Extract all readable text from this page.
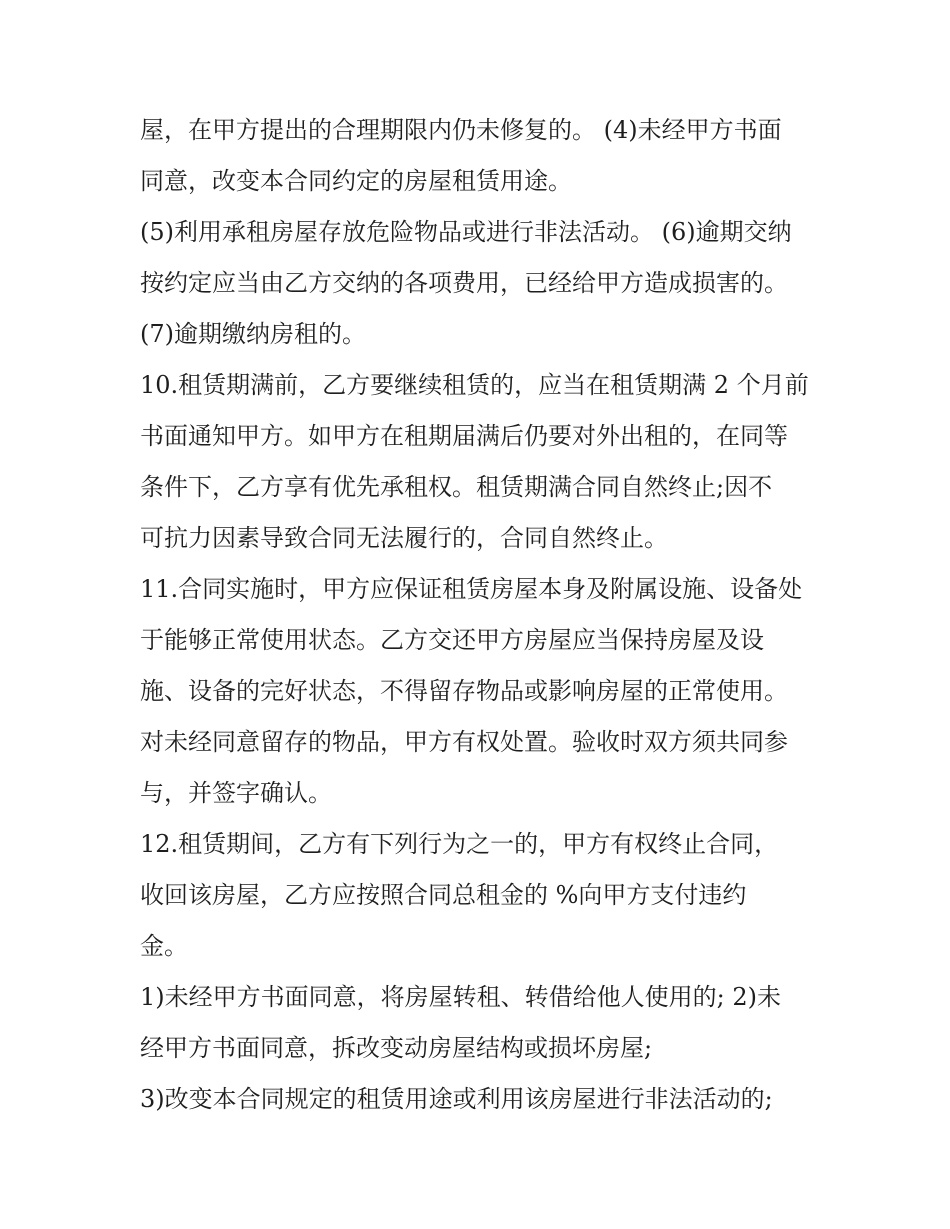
屋，在甲方提出的合理期限内仍未修复的。 (4)未经甲方书面

同意，改变本合同约定的房屋租赁用途。

(5)利用承租房屋存放危险物品或进行非法活动。 (6)逾期交纳

按约定应当由乙方交纳的各项费用，已经给甲方造成损害的。

(7)逾期缴纳房租的。

10.租赁期满前，乙方要继续租赁的，应当在租赁期满 2 个月前

书面通知甲方。如甲方在租期届满后仍要对外出租的，在同等

条件下，乙方享有优先承租权。租赁期满合同自然终止;因不

可抗力因素导致合同无法履行的，合同自然终止。

11.合同实施时，甲方应保证租赁房屋本身及附属设施、设备处

于能够正常使用状态。乙方交还甲方房屋应当保持房屋及设

施、设备的完好状态，不得留存物品或影响房屋的正常使用。

对未经同意留存的物品，甲方有权处置。验收时双方须共同参

与，并签字确认。

12.租赁期间，乙方有下列行为之一的，甲方有权终止合同，

收回该房屋，乙方应按照合同总租金的 %向甲方支付违约

金。

1)未经甲方书面同意，将房屋转租、转借给他人使用的; 2)未

经甲方书面同意，拆改变动房屋结构或损坏房屋;

3)改变本合同规定的租赁用途或利用该房屋进行非法活动的;
